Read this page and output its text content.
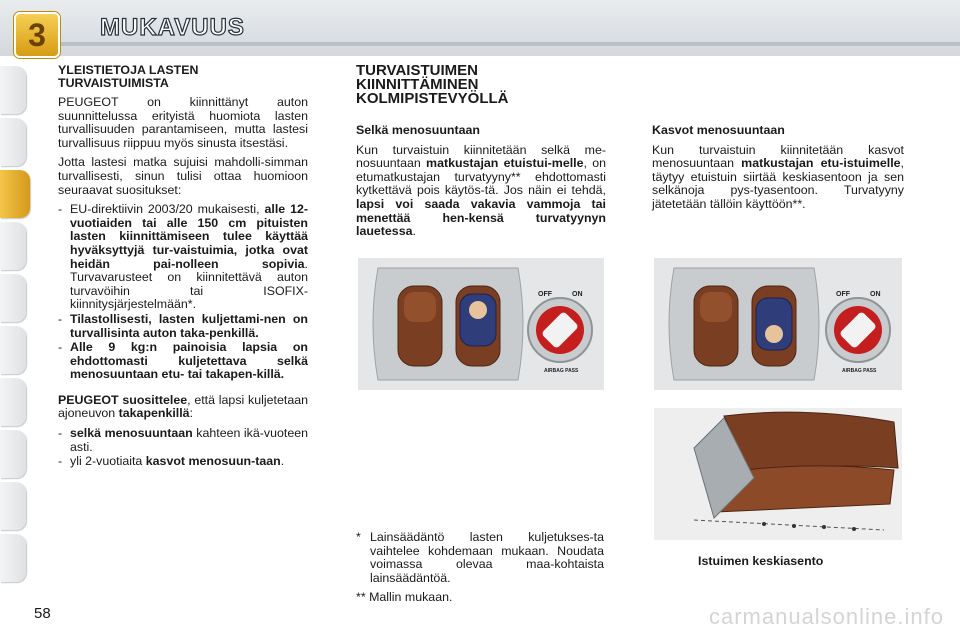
3	MUKAVUUS
YLEISTIETOJA LASTEN TURVAISTUIMISTA

PEUGEOT on kiinnittänyt auton suunnittelussa erityistä huomiota lasten turvallisuuden parantamiseen, mutta lastesi turvallisuus riippuu myös sinusta itsestäsi.

Jotta lastesi matka sujuisi mahdolli-simman turvallisesti, sinun tulisi ottaa huomioon seuraavat suositukset:

- EU-direktiivin 2003/20 mukaisesti, alle 12-vuotiaiden tai alle 150 cm pituisten lasten kiinnittämiseen tulee käyttää hyväksyttyjä tur-vaistuimia, jotka ovat heidän pai-nolleen sopivia. Turvavarusteet on kiinnitettävä auton turvavöihin tai ISOFIX-kiinnitysjärjestelmään*.
- Tilastollisesti, lasten kuljettami-nen on turvallisinta auton taka-penkillä.
- Alle 9 kg:n painoisia lapsia on ehdottomasti kuljetettava selkä menosuuntaan etu- tai takapen-killä.

PEUGEOT suosittelee, että lapsi kuljetetaan ajoneuvon takapenkillä:

- selkä menosuuntaan kahteen ikä-vuoteen asti.
- yli 2-vuotiaita kasvot menosuun-taan.
TURVAISTUIMEN
KIINNITTÄMINEN
KOLMIPISTEVYÖLLÄ
Selkä menosuuntaan

Kun turvaistuin kiinnitetään selkä me-nosuuntaan matkustajan etuistui-melle, on etumatkustajan turvatyyny** ehdottomasti kytkettävä pois käytös-tä. Jos näin ei tehdä, lapsi voi saada vakavia vammoja tai menettää hen-kensä turvatyynyn lauetessa.

Kasvot menosuuntaan

Kun turvaistuin kiinnitetään kasvot menosuuntaan matkustajan etu-istuimelle, täytyy etuistuin siirtää keskiasentoon ja sen selkänoja pys-tyasentoon. Turvatyyny jätetetään tällöin käyttöön**.

OFF	ON
AIRBAG PASS
OFF	ON
AIRBAG PASS
Istuimen keskiasento
* Lainsäädäntö lasten kuljetukses-ta vaihtelee kohdemaan mukaan. Noudata voimassa olevaa maa-kohtaista lainsäädäntöä.
** Mallin mukaan.
58	carmanualsonline.info
